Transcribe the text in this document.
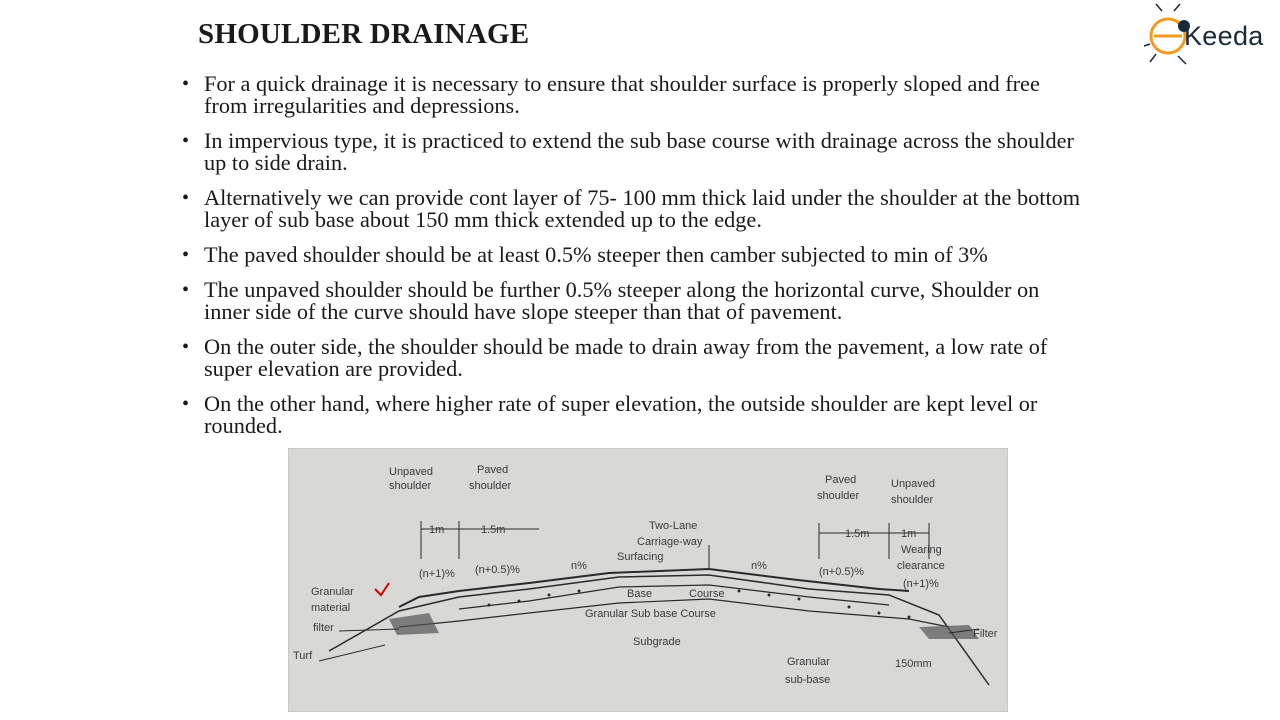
SHOULDER DRAINAGE	Keeda
• For a quick drainage it is necessary to ensure that shoulder surface is properly sloped and free from irregularities and depressions.
• In impervious type, it is practiced to extend the sub base course with drainage across the shoulder up to side drain.
• Alternatively we can provide cont layer of 75- 100 mm thick laid under the shoulder at the bottom layer of sub base about 150 mm thick extended up to the edge.
• The paved shoulder should be at least 0.5% steeper then camber subjected to min of 3%
• The unpaved shoulder should be further 0.5% steeper along the horizontal curve, Shoulder on inner side of the curve should have slope steeper than that of pavement.
• On the outer side, the shoulder should be made to drain away from the pavement, a low rate of super elevation are provided.
• On the other hand, where higher rate of super elevation, the outside shoulder are kept level or rounded.
Unpaved
shoulder
Paved
shoulder	Paved
shoulder
Unpaved
shoulder
1m	1.5m	1.5m	1m
Two-Lane
Carriage-way
Surfacing
Wearing
clearance
(n+1)% (n+0.5)%	n%	n%	(n+0.5)%
(n+1)%
Granular
material
filter
Turf
Base	Course
Granular Sub base Course
Subgrade
Granular
sub-base
150mm
Filter
